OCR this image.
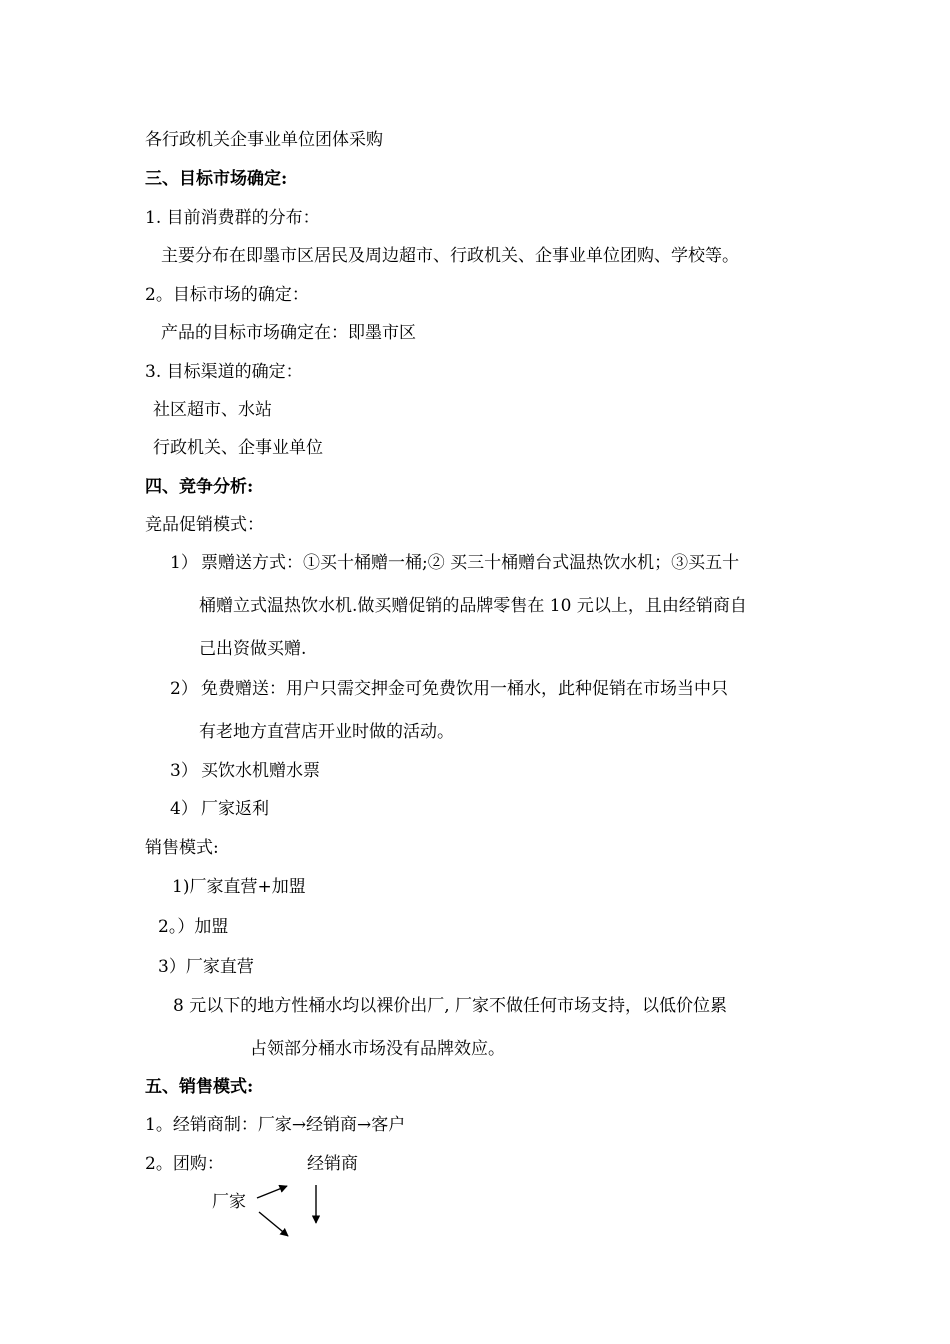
各行政机关企事业单位团体采购
三、目标市场确定:
1. 目前消费群的分布：
主要分布在即墨市区居民及周边超市、行政机关、企事业单位团购、学校等。
2。目标市场的确定：
产品的目标市场确定在：即墨市区
3. 目标渠道的确定：
社区超市、水站
行政机关、企事业单位
四、竞争分析:
竞品促销模式：
1） 票赠送方式：①买十桶赠一桶;② 买三十桶赠台式温热饮水机；③买五十
桶赠立式温热饮水机.做买赠促销的品牌零售在 10 元以上，且由经销商自
己出资做买赠.
2） 免费赠送：用户只需交押金可免费饮用一桶水，此种促销在市场当中只
有老地方直营店开业时做的活动。
3） 买饮水机赠水票
4） 厂家返利
销售模式:
1)厂家直营+加盟
2。）加盟
3）厂家直营
8 元以下的地方性桶水均以裸价出厂, 厂家不做任何市场支持，以低价位累
占领部分桶水市场没有品牌效应。
五、销售模式:
1。经销商制：厂家→经销商→客户
2。团购：	经销商
厂家
